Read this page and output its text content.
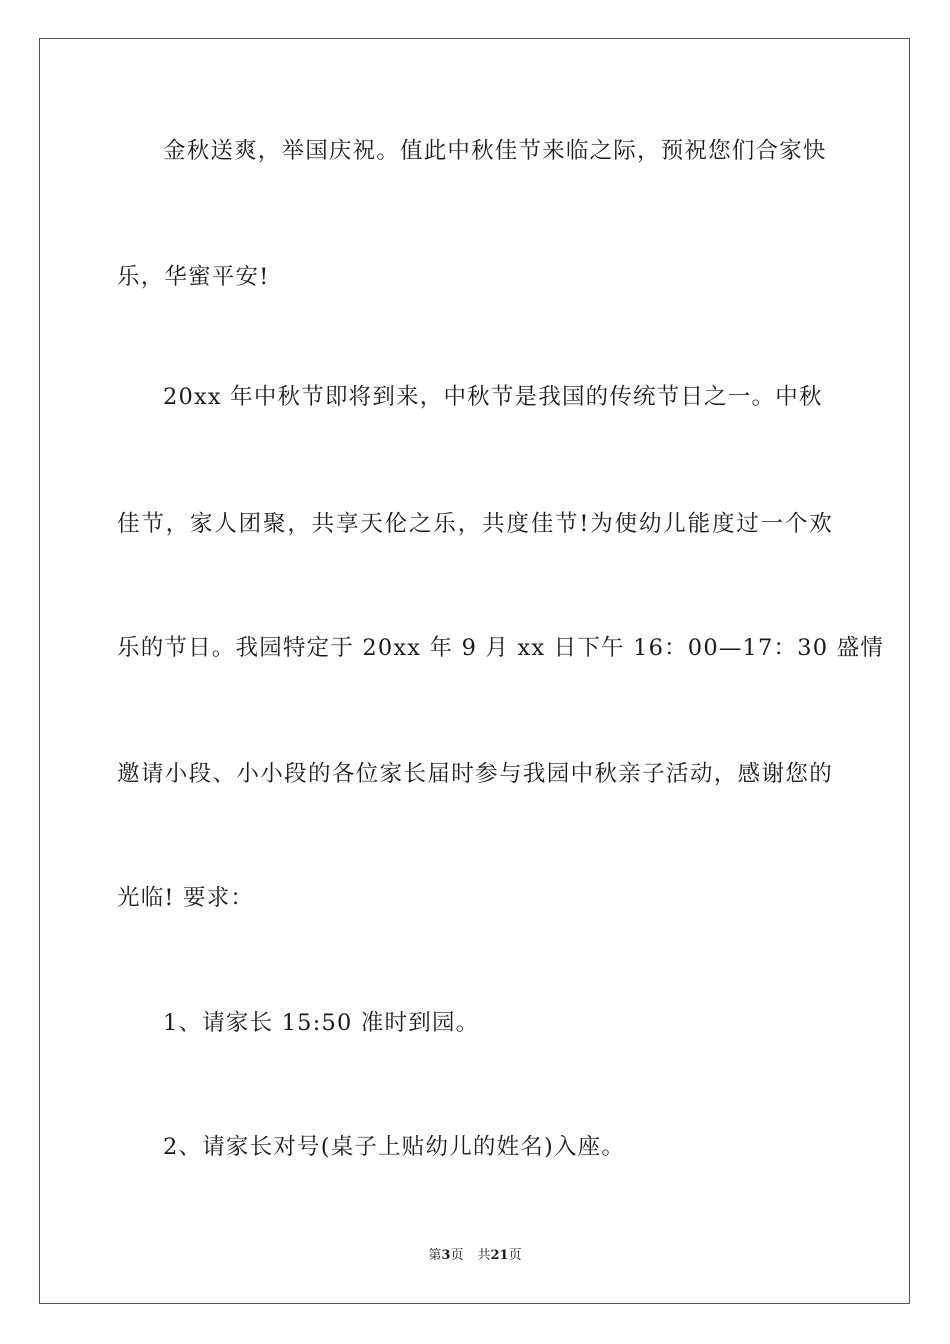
金秋送爽，举国庆祝。值此中秋佳节来临之际，预祝您们合家快
乐，华蜜平安!
20xx 年中秋节即将到来，中秋节是我国的传统节日之一。中秋
佳节，家人团聚，共享天伦之乐，共度佳节!为使幼儿能度过一个欢
乐的节日。我园特定于 20xx 年 9 月 xx 日下午 16：00—17：30 盛情
邀请小段、小小段的各位家长届时参与我园中秋亲子活动，感谢您的
光临! 要求：
1、请家长 15:50 准时到园。
2、请家长对号(桌子上贴幼儿的姓名)入座。
第3页 共21页
